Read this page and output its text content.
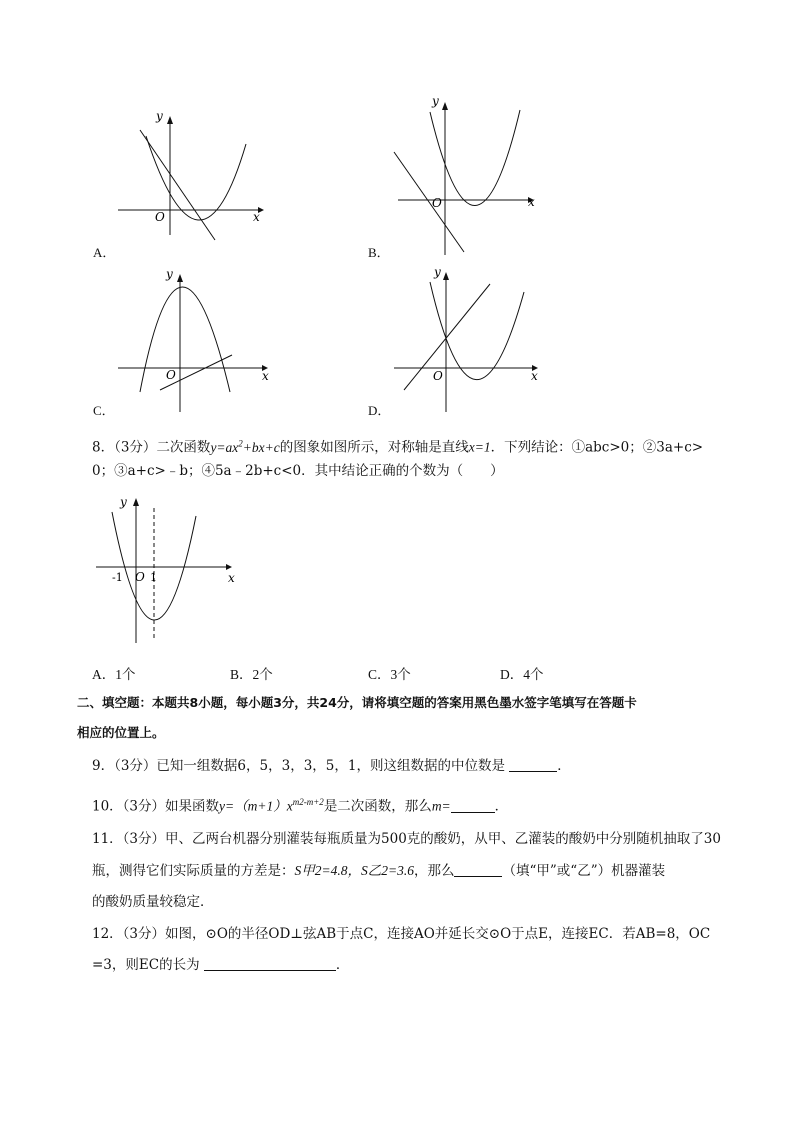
y
x
O
A．
y
x
O
B．
y
x
O
C．
y
x
O
D．
8．（3分）二次函数$y=ax^2+bx+c$的图象如图所示，对称轴是直线x=1．下列结论：①abc>0；②3a+c>
0；③a+c>﹣b；④5a﹣2b+c<0．其中结论正确的个数为（　　）
y
x
-1 O 1
A．1个	B．2个	C．3个	D．4个
二、填空题：本题共8小题，每小题3分，共24分，请将填空题的答案用黑色墨水签字笔填写在答题卡
相应的位置上。
9．（3分）已知一组数据6，5，3，3，5，1，则这组数据的中位数是	．
10．（3分）如果函数$y=(m+1)x^{m2-m+2}$是二次函数，那么m=	．
11．（3分）甲、乙两台机器分别灌装每瓶质量为500克的酸奶，从甲、乙灌装的酸奶中分别随机抽取了30
瓶，测得它们实际质量的方差是：S甲2=4.8，S乙2=3.6，那么	（填“甲”或“乙”）机器灌装
的酸奶质量较稳定．
12．（3分）如图，⊙O的半径OD⊥弦AB于点C，连接AO并延长交⊙O于点E，连接EC．若AB=8，OC
=3，则EC的长为	．
